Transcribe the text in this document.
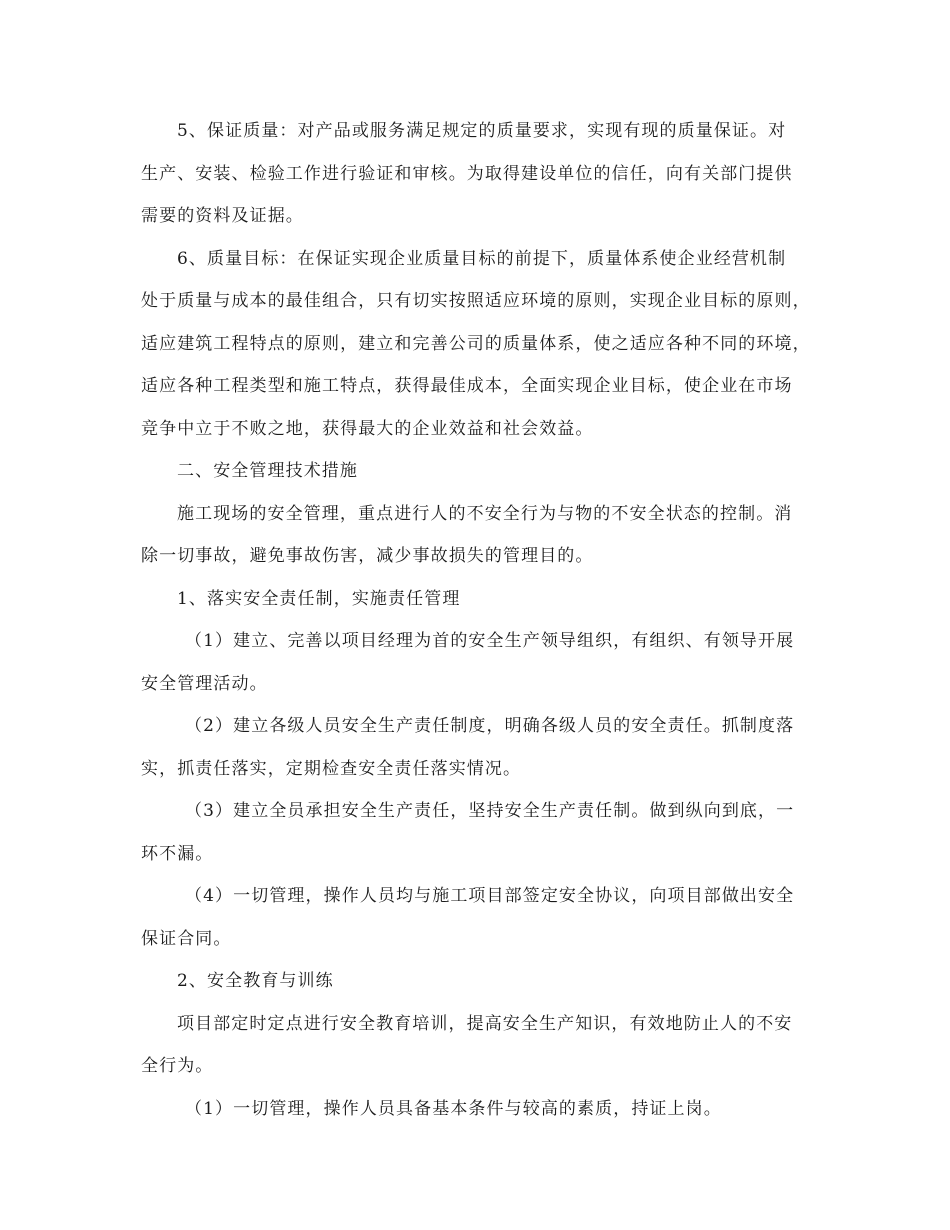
5、保证质量：对产品或服务满足规定的质量要求，实现有现的质量保证。对
生产、安装、检验工作进行验证和审核。为取得建设单位的信任，向有关部门提供
需要的资料及证据。
6、质量目标：在保证实现企业质量目标的前提下，质量体系使企业经营机制
处于质量与成本的最佳组合，只有切实按照适应环境的原则，实现企业目标的原则，
适应建筑工程特点的原则，建立和完善公司的质量体系，使之适应各种不同的环境，
适应各种工程类型和施工特点，获得最佳成本，全面实现企业目标，使企业在市场
竞争中立于不败之地，获得最大的企业效益和社会效益。
二、安全管理技术措施
施工现场的安全管理，重点进行人的不安全行为与物的不安全状态的控制。消
除一切事故，避免事故伤害，减少事故损失的管理目的。
1、落实安全责任制，实施责任管理
（1）建立、完善以项目经理为首的安全生产领导组织，有组织、有领导开展
安全管理活动。
（2）建立各级人员安全生产责任制度，明确各级人员的安全责任。抓制度落
实，抓责任落实，定期检查安全责任落实情况。
（3）建立全员承担安全生产责任，坚持安全生产责任制。做到纵向到底，一
环不漏。
（4）一切管理，操作人员均与施工项目部签定安全协议，向项目部做出安全
保证合同。
2、安全教育与训练
项目部定时定点进行安全教育培训，提高安全生产知识，有效地防止人的不安
全行为。
（1）一切管理，操作人员具备基本条件与较高的素质，持证上岗。
